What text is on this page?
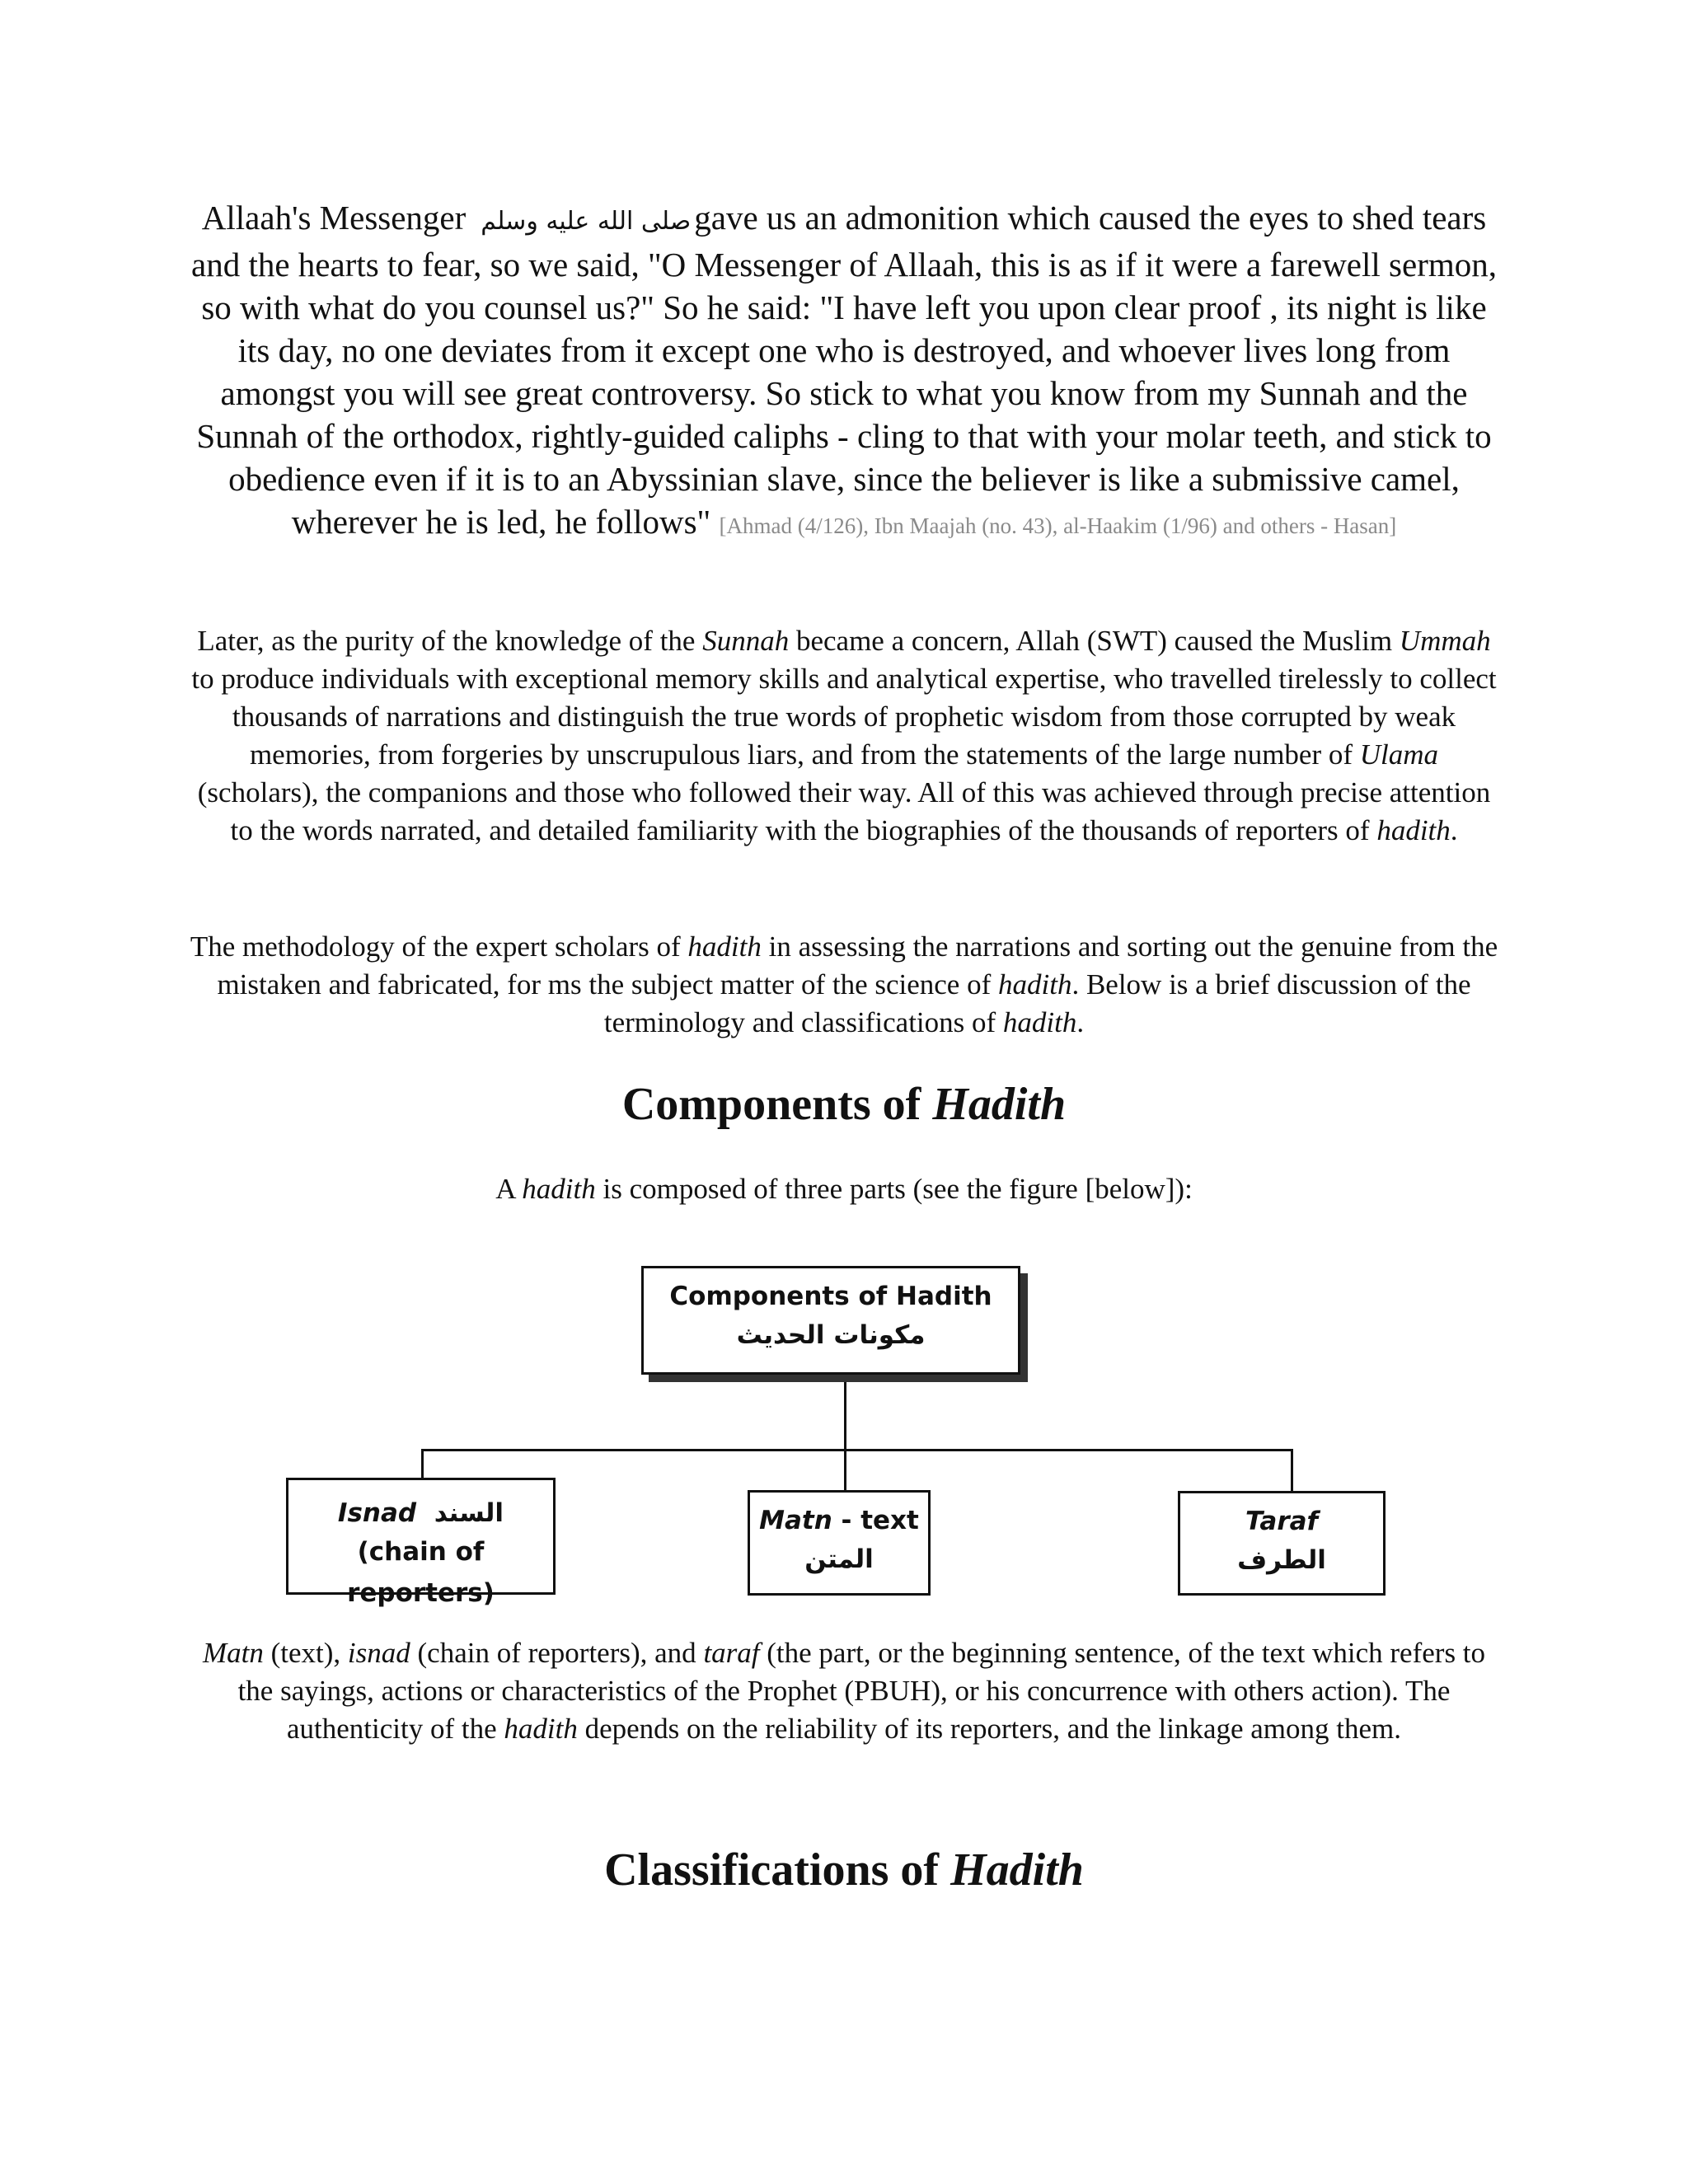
Allaah's Messenger صلى الله عليه وسلمgave us an admonition which caused the eyes to shed tears and the hearts to fear, so we said, "O Messenger of Allaah, this is as if it were a farewell sermon, so with what do you counsel us?" So he said: "I have left you upon clear proof , its night is like its day, no one deviates from it except one who is destroyed, and whoever lives long from amongst you will see great controversy. So stick to what you know from my Sunnah and the Sunnah of the orthodox, rightly-guided caliphs - cling to that with your molar teeth, and stick to obedience even if it is to an Abyssinian slave, since the believer is like a submissive camel, wherever he is led, he follows" [Ahmad (4/126), Ibn Maajah (no. 43), al-Haakim (1/96) and others - Hasan]
Later, as the purity of the knowledge of the Sunnah became a concern, Allah (SWT) caused the Muslim Ummah to produce individuals with exceptional memory skills and analytical expertise, who travelled tirelessly to collect thousands of narrations and distinguish the true words of prophetic wisdom from those corrupted by weak memories, from forgeries by unscrupulous liars, and from the statements of the large number of Ulama (scholars), the companions and those who followed their way. All of this was achieved through precise attention to the words narrated, and detailed familiarity with the biographies of the thousands of reporters of hadith.
The methodology of the expert scholars of hadith in assessing the narrations and sorting out the genuine from the mistaken and fabricated, for ms the subject matter of the science of hadith. Below is a brief discussion of the terminology and classifications of hadith.
Components of Hadith
A hadith is composed of three parts (see the figure [below]):
Components of Hadith
مكونات الحديث
Isnad السند
(chain of reporters)
Matn - text
المتن
Taraf
الطرف
Matn (text), isnad (chain of reporters), and taraf (the part, or the beginning sentence, of the text which refers to the sayings, actions or characteristics of the Prophet (PBUH), or his concurrence with others action). The authenticity of the hadith depends on the reliability of its reporters, and the linkage among them.
Classifications of Hadith
